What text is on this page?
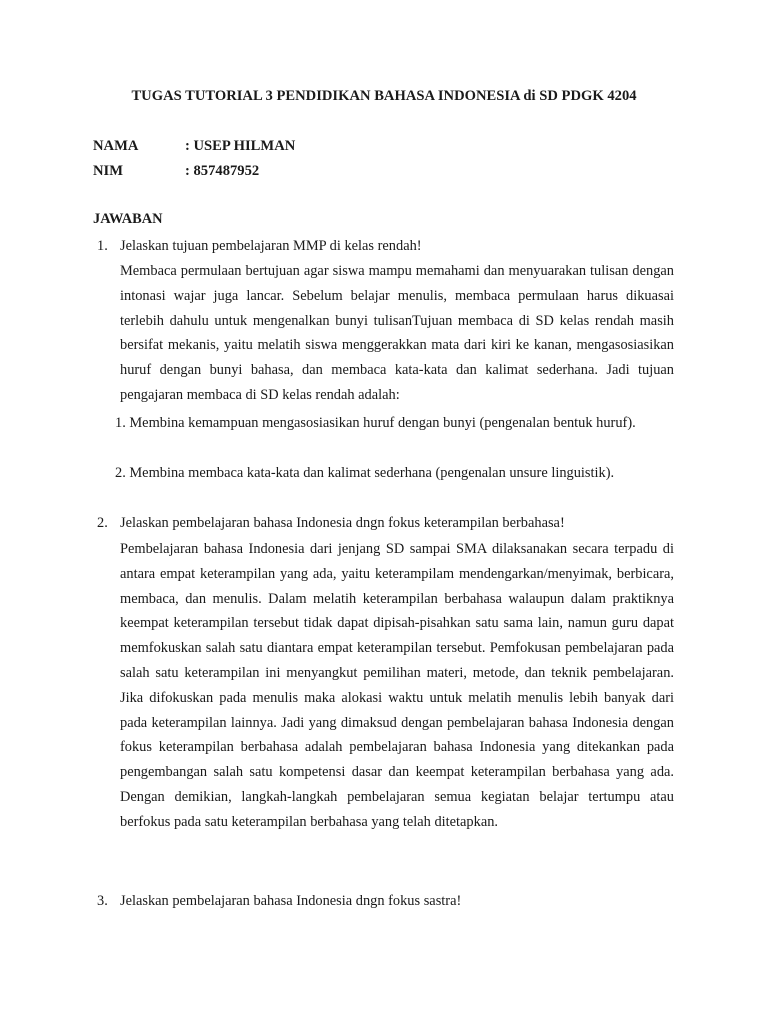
TUGAS TUTORIAL 3 PENDIDIKAN BAHASA INDONESIA di SD PDGK 4204
NAMA	: USEP HILMAN
NIM	: 857487952
JAWABAN
1. Jelaskan tujuan pembelajaran MMP di kelas rendah!
Membaca permulaan bertujuan agar siswa mampu memahami dan menyuarakan tulisan dengan intonasi wajar juga lancar. Sebelum belajar menulis, membaca permulaan harus dikuasai terlebih dahulu untuk mengenalkan bunyi tulisanTujuan membaca di SD kelas rendah masih bersifat mekanis, yaitu melatih siswa menggerakkan mata dari kiri ke kanan, mengasosiasikan huruf dengan bunyi bahasa, dan membaca kata-kata dan kalimat sederhana. Jadi tujuan pengajaran membaca di SD kelas rendah adalah:
1. Membina kemampuan mengasosiasikan huruf dengan bunyi (pengenalan bentuk huruf).
2. Membina membaca kata-kata dan kalimat sederhana (pengenalan unsure linguistik).
2. Jelaskan pembelajaran bahasa Indonesia dngn fokus keterampilan berbahasa!
Pembelajaran bahasa Indonesia dari jenjang SD sampai SMA dilaksanakan secara terpadu di antara empat keterampilan yang ada, yaitu keterampilam mendengarkan/menyimak, berbicara, membaca, dan menulis. Dalam melatih keterampilan berbahasa walaupun dalam praktiknya keempat keterampilan tersebut tidak dapat dipisah-pisahkan satu sama lain, namun guru dapat memfokuskan salah satu diantara empat keterampilan tersebut. Pemfokusan pembelajaran pada salah satu keterampilan ini menyangkut pemilihan materi, metode, dan teknik pembelajaran. Jika difokuskan pada menulis maka alokasi waktu untuk melatih menulis lebih banyak dari pada keterampilan lainnya. Jadi yang dimaksud dengan pembelajaran bahasa Indonesia dengan fokus keterampilan berbahasa adalah pembelajaran bahasa Indonesia yang ditekankan pada pengembangan salah satu kompetensi dasar dan keempat keterampilan berbahasa yang ada. Dengan demikian, langkah-langkah pembelajaran semua kegiatan belajar tertumpu atau berfokus pada satu keterampilan berbahasa yang telah ditetapkan.
3. Jelaskan pembelajaran bahasa Indonesia dngn fokus sastra!
